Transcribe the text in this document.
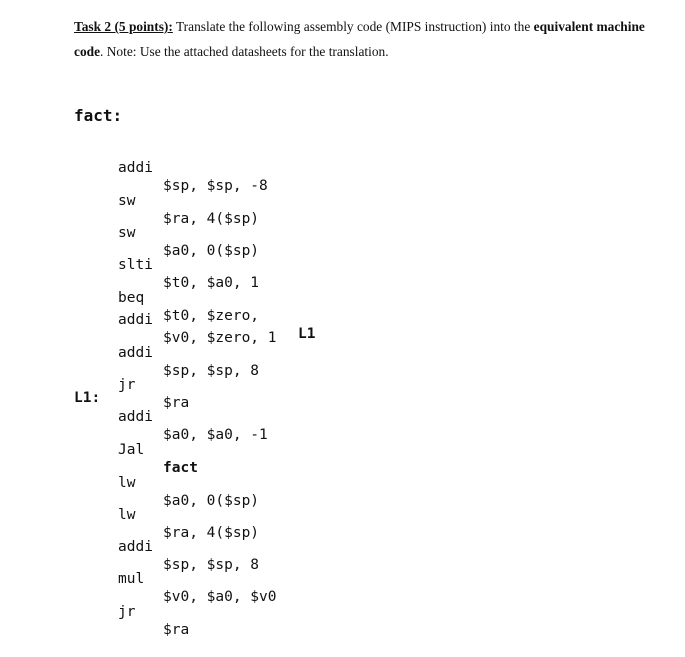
Task 2 (5 points): Translate the following assembly code (MIPS instruction) into the equivalent machine code. Note: Use the attached datasheets for the translation.
fact:
L1:

addi

$sp, $sp, -8

sw

$ra, 4($sp)

sw

$a0, 0($sp)

slti

$t0, $a0, 1

beq

$t0, $zero,

L1

addi

$v0, $zero, 1

addi

$sp, $sp, 8

jr

$ra

addi

$a0, $a0, -1

Jal

fact

lw

$a0, 0($sp)

lw

$ra, 4($sp)

addi

$sp, $sp, 8

mul

$v0, $a0, $v0

jr

$ra
